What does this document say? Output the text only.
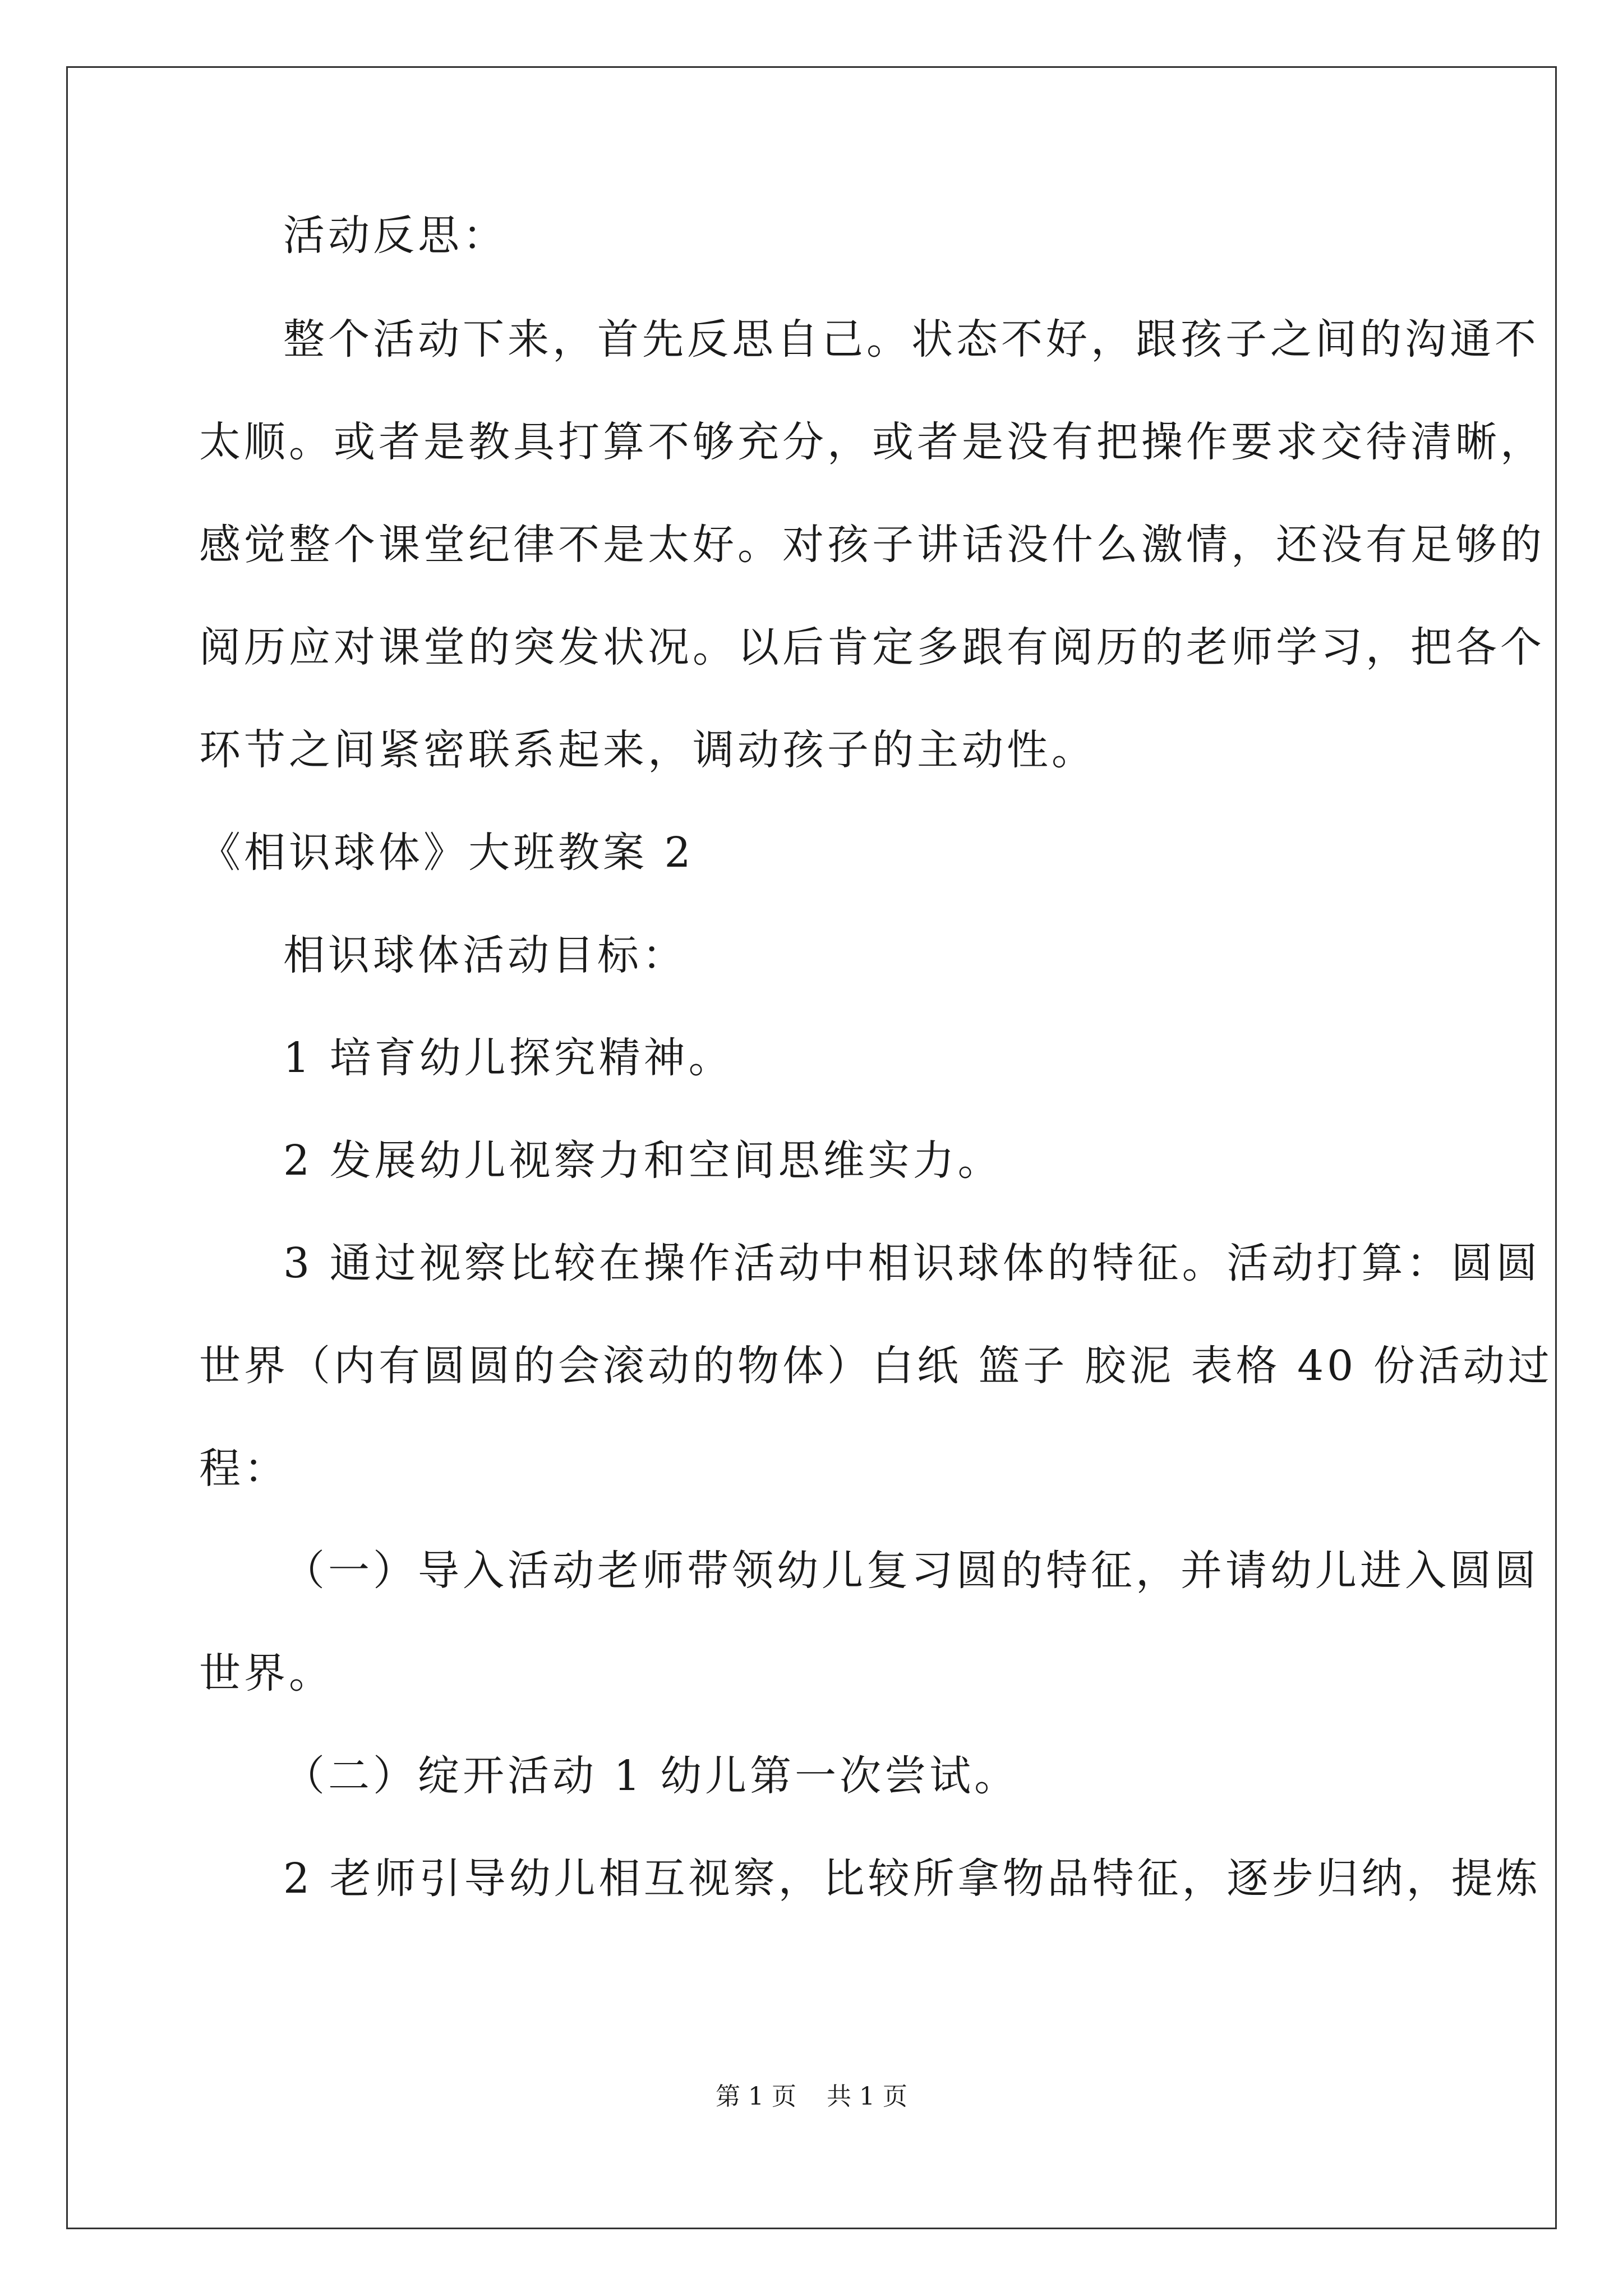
活动反思：
整个活动下来，首先反思自己。状态不好，跟孩子之间的沟通不
太顺。或者是教具打算不够充分，或者是没有把操作要求交待清晰，
感觉整个课堂纪律不是太好。对孩子讲话没什么激情，还没有足够的
阅历应对课堂的突发状况。以后肯定多跟有阅历的老师学习，把各个
环节之间紧密联系起来，调动孩子的主动性。
《相识球体》大班教案 2
相识球体活动目标：
1 培育幼儿探究精神。
2 发展幼儿视察力和空间思维实力。
3 通过视察比较在操作活动中相识球体的特征。活动打算：圆圆
世界（内有圆圆的会滚动的物体）白纸 篮子 胶泥 表格 40 份活动过
程：
（一）导入活动老师带领幼儿复习圆的特征，并请幼儿进入圆圆
世界。
（二）绽开活动 1 幼儿第一次尝试。
2 老师引导幼儿相互视察，比较所拿物品特征，逐步归纳，提炼
第 1 页 共 1 页
